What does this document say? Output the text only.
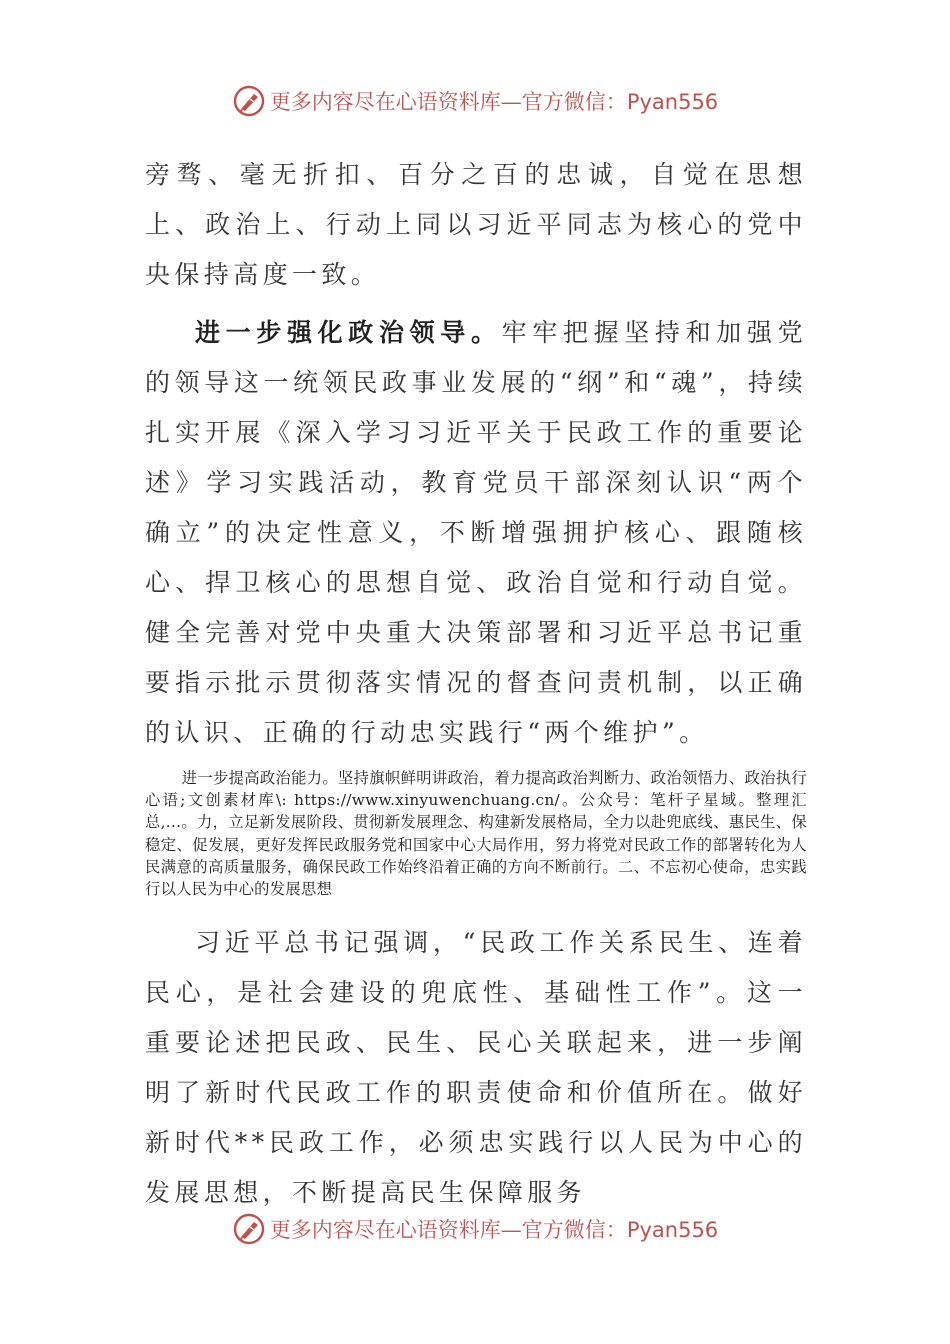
更多内容尽在心语资料库—官方微信：Pyan556

旁骛、毫无折扣、百分之百的忠诚，自觉在思想上、政治上、行动上同以习近平同志为核心的党中央保持高度一致。

进一步强化政治领导。牢牢把握坚持和加强党的领导这一统领民政事业发展的“纲”和“魂”，持续扎实开展《深入学习习近平关于民政工作的重要论述》学习实践活动，教育党员干部深刻认识“两个确立”的决定性意义，不断增强拥护核心、跟随核心、捍卫核心的思想自觉、政治自觉和行动自觉。健全完善对党中央重大决策部署和习近平总书记重要指示批示贯彻落实情况的督查问责机制，以正确的认识、正确的行动忠实践行“两个维护”。

进一步提高政治能力。坚持旗帜鲜明讲政治，着力提高政治判断力、政治领悟力、政治执行心语;文创素材库\: https://www.xinyuwenchuang.cn/。公众号：笔杆子星域。整理汇总,...。力，立足新发展阶段、贯彻新发展理念、构建新发展格局，全力以赴兜底线、惠民生、保稳定、促发展，更好发挥民政服务党和国家中心大局作用，努力将党对民政工作的部署转化为人民满意的高质量服务，确保民政工作始终沿着正确的方向不断前行。二、不忘初心使命，忠实践行以人民为中心的发展思想

习近平总书记强调，“民政工作关系民生、连着民心，是社会建设的兜底性、基础性工作”。这一重要论述把民政、民生、民心关联起来，进一步阐明了新时代民政工作的职责使命和价值所在。做好新时代**民政工作，必须忠实践行以人民为中心的发展思想，不断提高民生保障服务

更多内容尽在心语资料库—官方微信：Pyan556
